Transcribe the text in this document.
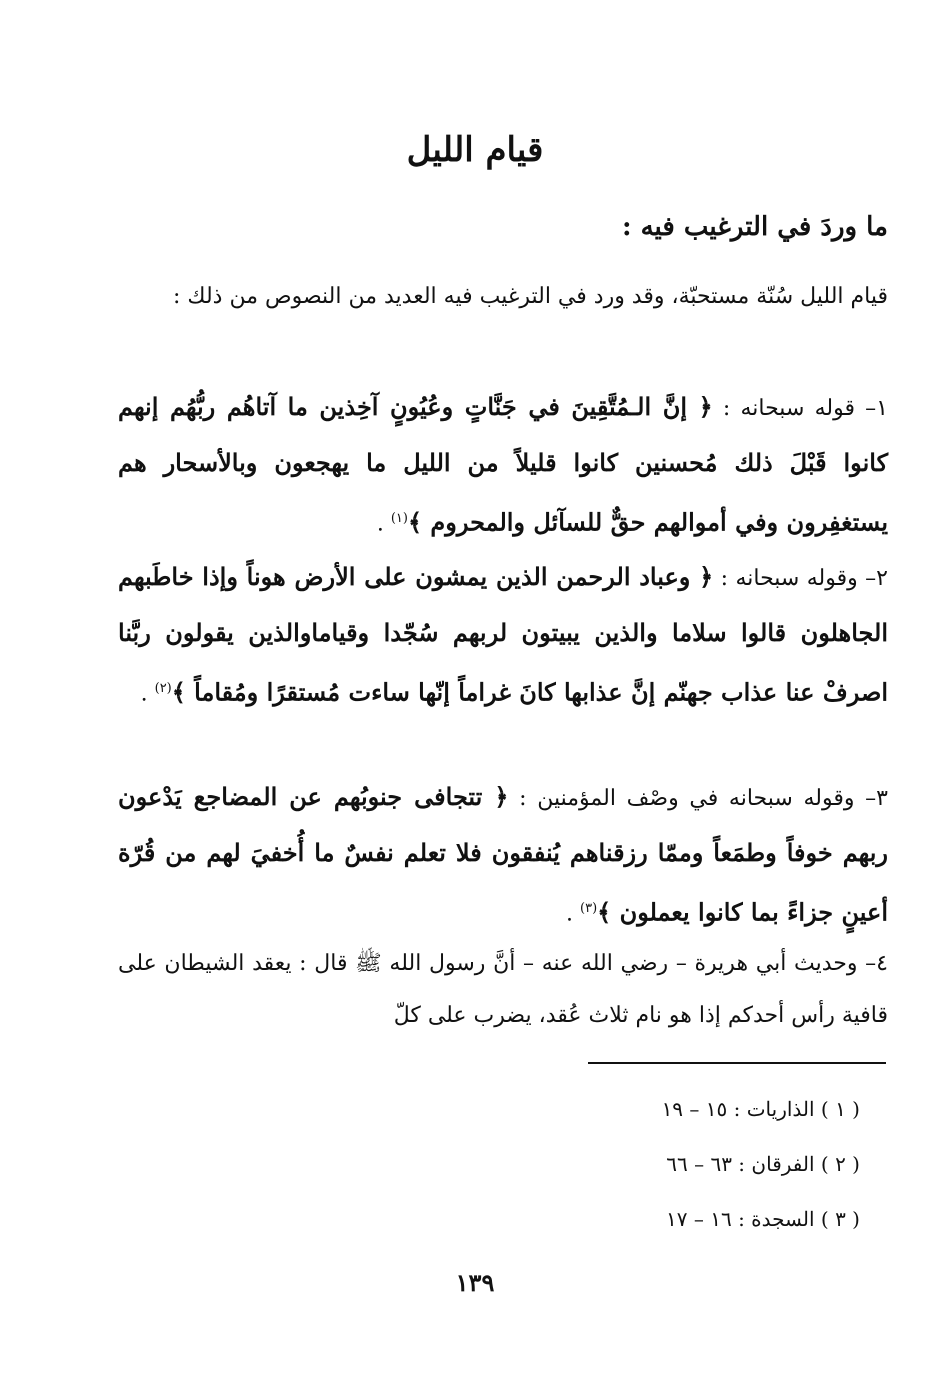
قيام الليل
ما وردَ في الترغيب فيه :
قيام الليل سُنّة مستحبّة، وقد ورد في الترغيب فيه العديد من النصوص من ذلك :
١– قوله سبحانه : ﴿ إنَّ الـمُتَّقِينَ في جَنَّاتٍ وعُيُونٍ آخِذين ما آتاهُم ربُّهُم إنهم كانوا قَبْلَ ذلك مُحسنين كانوا قليلاً من الليل ما يهجعون وبالأسحار هم يستغفِرون وفي أموالهم حقٌّ للسآئل والمحروم ﴾$^{(١)}$ .
٢– وقوله سبحانه : ﴿ وعباد الرحمن الذين يمشون على الأرض هوناً وإذا خاطَبهم الجاهلون قالوا سلاما والذين يبيتون لربهم سُجّدا وقياماوالذين يقولون ربَّنا اصرفْ عنا عذاب جهنّم إنَّ عذابها كانَ غراماً إنّها ساءت مُستقرًا ومُقاماً ﴾$^{(٢)}$ .
٣– وقوله سبحانه في وصْف المؤمنين : ﴿ تتجافى جنوبُهم عن المضاجع يَدْعون ربهم خوفاً وطمَعاً وممّا رزقناهم يُنفقون فلا تعلم نفسٌ ما أُخفيَ لهم من قُرّة أعينٍ جزاءً بما كانوا يعملون ﴾$^{(٣)}$ .
٤– وحديث أبي هريرة – رضي الله عنه – أنَّ رسول الله ﷺ قال : يعقد الشيطان على قافية رأس أحدكم إذا هو نام ثلاث عُقد، يضرب على كلّ
( ١ ) الذاريات : ١٥ – ١٩
( ٢ ) الفرقان : ٦٣ – ٦٦
( ٣ ) السجدة : ١٦ – ١٧
١٣٩
